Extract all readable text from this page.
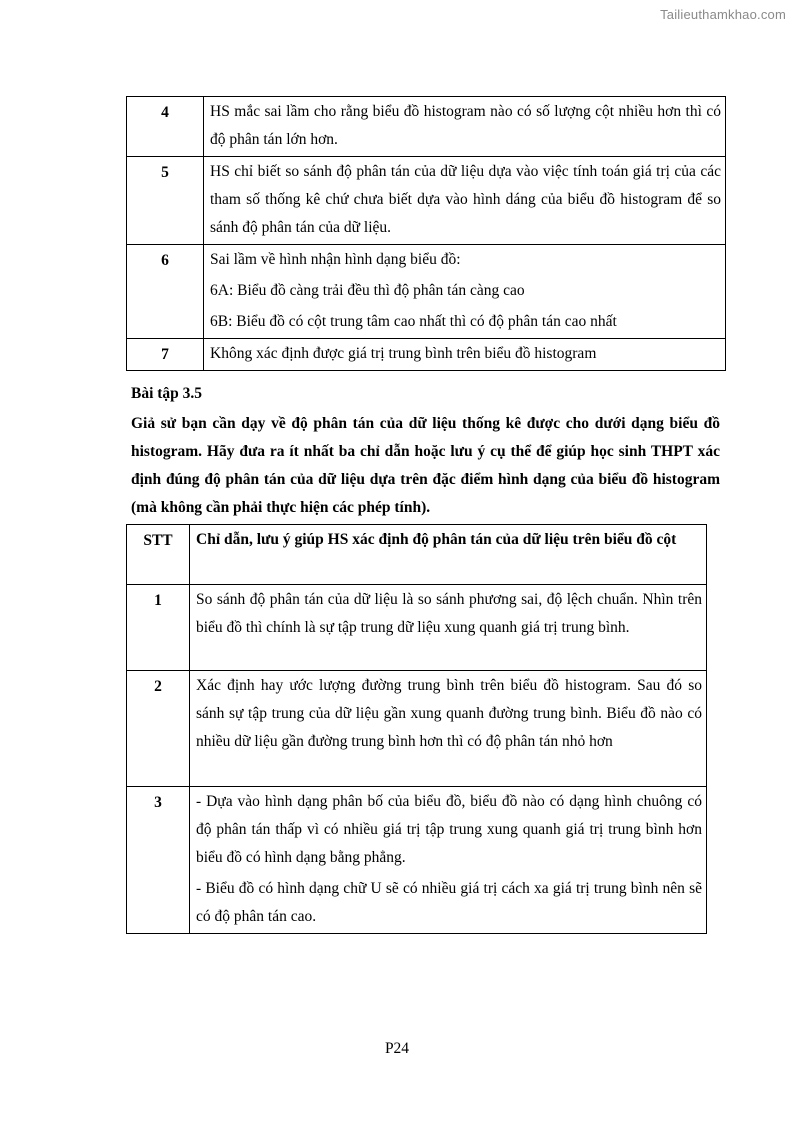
Tailieuthamkhao.com
4	HS mắc sai lầm cho rằng biểu đồ histogram nào có số lượng cột nhiều hơn thì có độ phân tán lớn hơn.

5	HS chỉ biết so sánh độ phân tán của dữ liệu dựa vào việc tính toán giá trị của các tham số thống kê chứ chưa biết dựa vào hình dáng của biểu đồ histogram để so sánh độ phân tán của dữ liệu.

6	Sai lầm về hình nhận hình dạng biểu đồ:
6A: Biểu đồ càng trải đều thì độ phân tán càng cao
6B: Biểu đồ có cột trung tâm cao nhất thì có độ phân tán cao nhất

7	Không xác định được giá trị trung bình trên biểu đồ histogram
Bài tập 3.5
Giả sử bạn cần dạy về độ phân tán của dữ liệu thống kê được cho dưới dạng biểu đồ histogram. Hãy đưa ra ít nhất ba chỉ dẫn hoặc lưu ý cụ thể để giúp học sinh THPT xác định đúng độ phân tán của dữ liệu dựa trên đặc điểm hình dạng của biểu đồ histogram (mà không cần phải thực hiện các phép tính).
STT	Chỉ dẫn, lưu ý giúp HS xác định độ phân tán của dữ liệu trên biểu đồ cột
1	So sánh độ phân tán của dữ liệu là so sánh phương sai, độ lệch chuẩn. Nhìn trên biểu đồ thì chính là sự tập trung dữ liệu xung quanh giá trị trung bình.

2	Xác định hay ước lượng đường trung bình trên biểu đồ histogram. Sau đó so sánh sự tập trung của dữ liệu gần xung quanh đường trung bình. Biểu đồ nào có nhiều dữ liệu gần đường trung bình hơn thì có độ phân tán nhỏ hơn

3	- Dựa vào hình dạng phân bố của biểu đồ, biểu đồ nào có dạng hình chuông có độ phân tán thấp vì có nhiều giá trị tập trung xung quanh giá trị trung bình hơn biểu đồ có hình dạng bằng phẳng.
- Biểu đồ có hình dạng chữ U sẽ có nhiều giá trị cách xa giá trị trung bình nên sẽ có độ phân tán cao.
P24
